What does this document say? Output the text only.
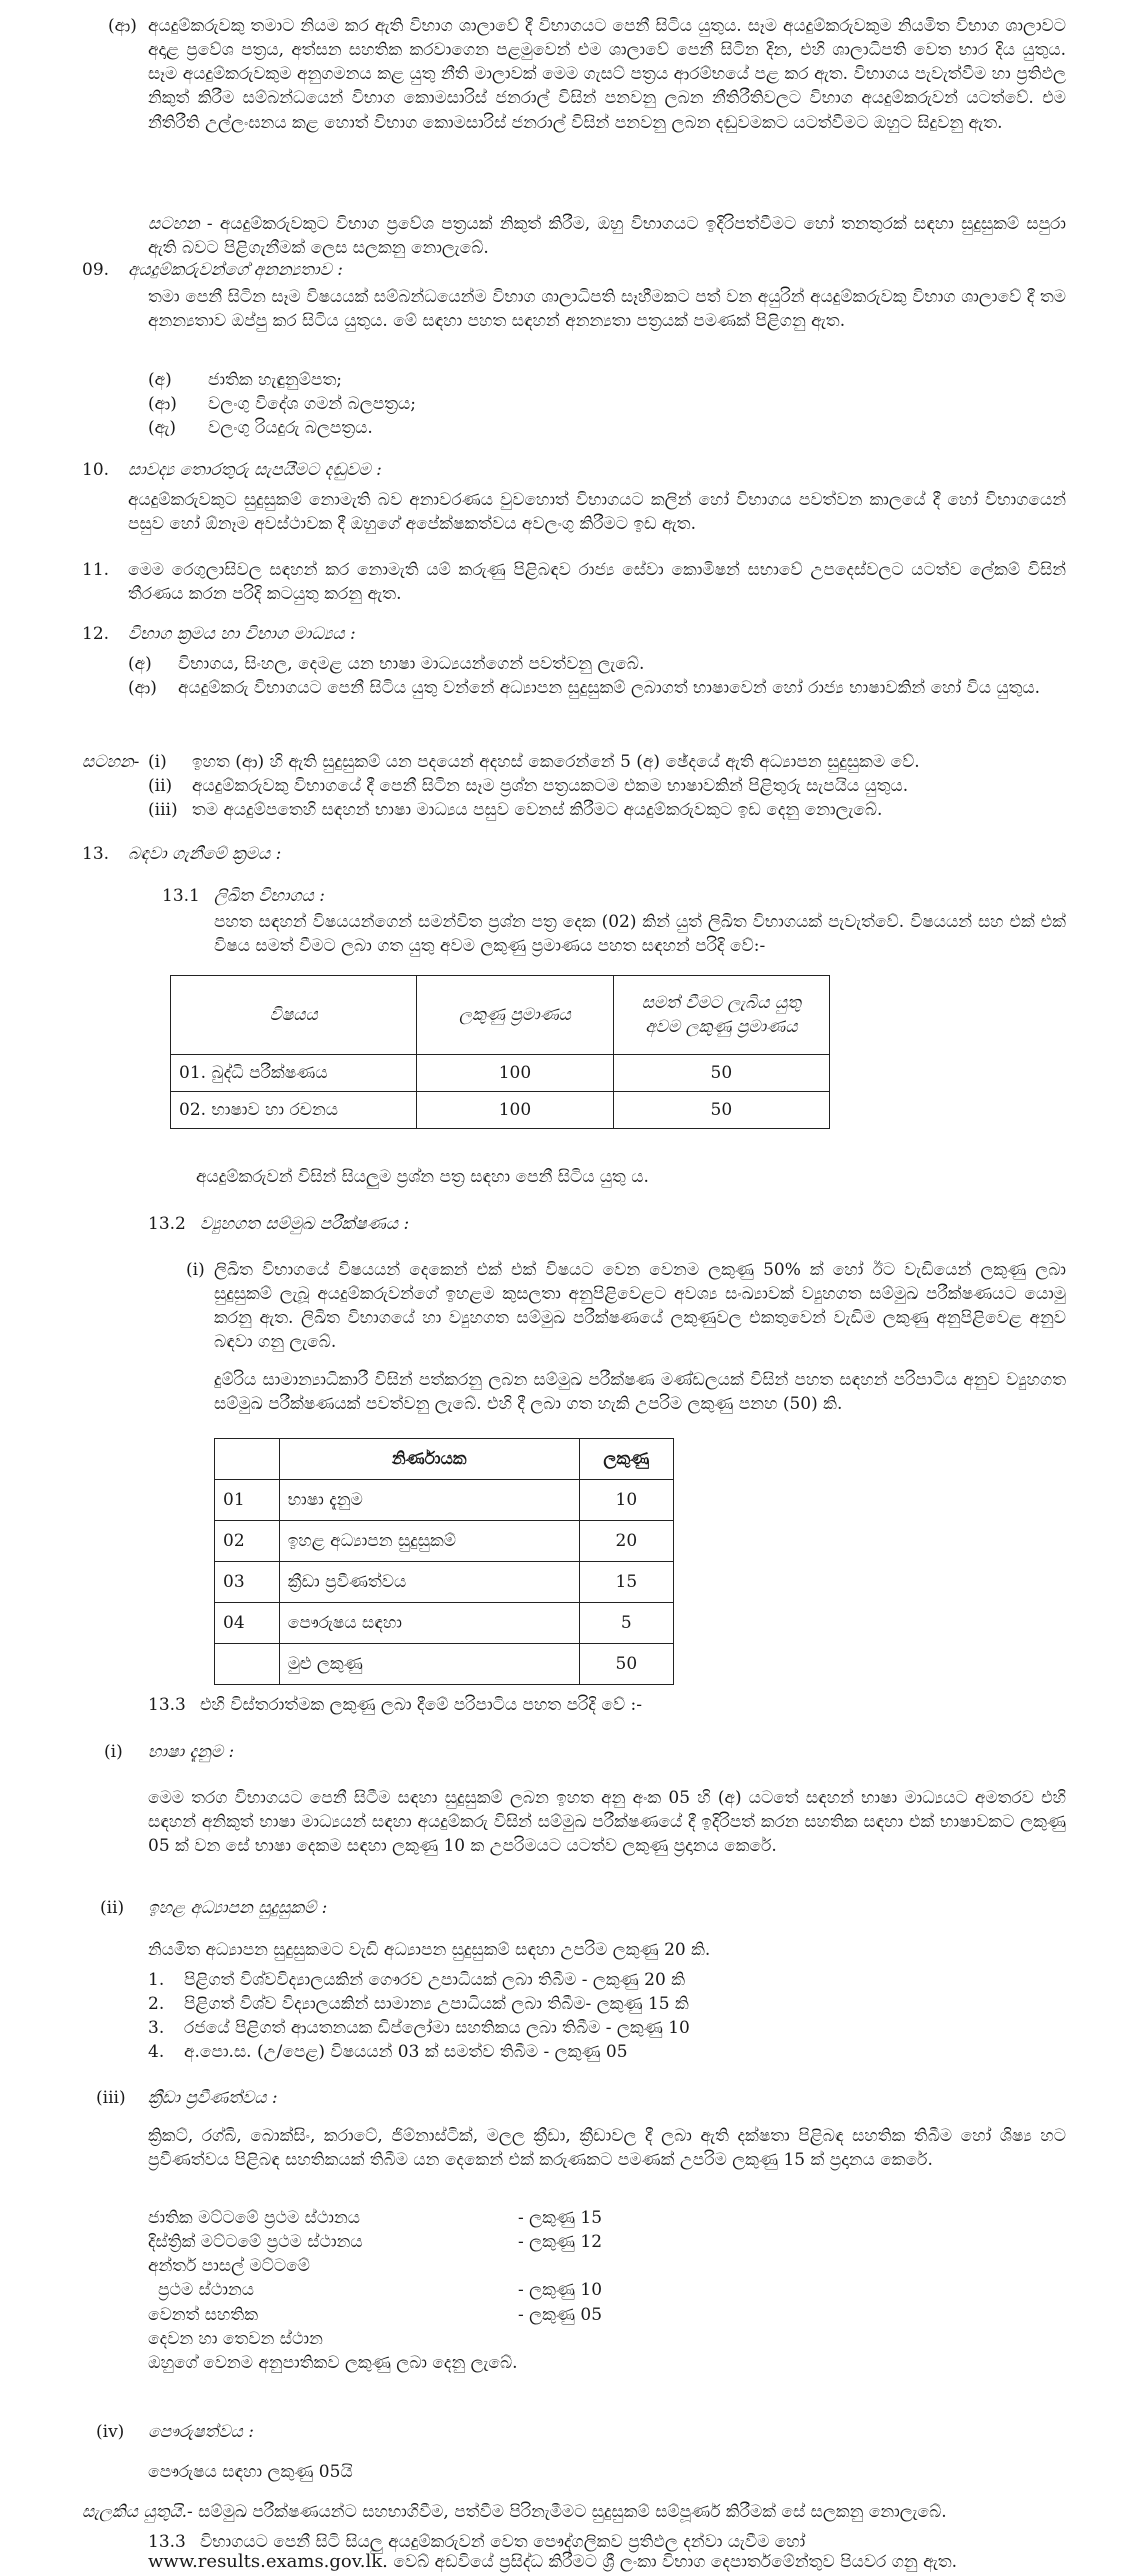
(ආ) අයදුම්කරුවකු තමාට නියම කර ඇති විභාග ශාලාවේ දී විභාගයට පෙනී සිටිය යුතුය. සෑම අයදුම්කරුවකුම නියමිත විභාග ශාලාවට අදාළ ප්‍රවේශ පත්‍රය, අත්සන සහතික කරවාගෙන පළමුවෙන් එම ශාලාවේ පෙනී සිටින දින, එහි ශාලාධිපති වෙත භාර දිය යුතුය. සෑම අයදුම්කරුවකුම අනුගමනය කළ යුතු නීති මාලාවක් මෙම ගැසට් පත්‍රය ආරම්භයේ පළ කර ඇත. විභාගය පැවැත්වීම හා ප්‍රතිඵල නිකුත් කිරීම සම්බන්ධයෙන් විභාග කොමසාරිස් ජනරාල් විසින් පනවනු ලබන නීතිරීතිවලට විභාග අයදුම්කරුවන් යටත්වේ. එම නීතිරීති උල්ලංඝනය කළ හොත් විභාග කොමසාරිස් ජනරාල් විසින් පනවනු ලබන දඬුවමකට යටත්වීමට ඔහුට සිදුවනු ඇත.
සටහන - අයදුම්කරුවකුට විභාග ප්‍රවේශ පත්‍රයක් නිකුත් කිරීම, ඔහු විභාගයට ඉදිරිපත්වීමට හෝ තනතුරක් සඳහා සුදුසුකම් සපුරා ඇති බවට පිළිගැනීමක් ලෙස සලකනු නොලැබේ.
09. අයදුම්කරුවන්ගේ අනන්‍යතාව :
තමා පෙනී සිටින සෑම විෂයයක් සම්බන්ධයෙන්ම විභාග ශාලාධිපති සෑහීමකට පත් වන අයුරින් අයදුම්කරුවකු විභාග ශාලාවේ දී තම අනන්‍යතාව ඔප්පු කර සිටිය යුතුය. මේ සඳහා පහත සඳහන් අනන්‍යතා පත්‍රයක් පමණක් පිළිගනු ඇත.
(අ)	ජාතික හැඳුනුම්පත;
(ආ)	වලංගු විදේශ ගමන් බලපත්‍රය;
(ඇ)	වලංගු රියදුරු බලපත්‍රය.
10. සාවද්‍ය තොරතුරු සැපයීමට දඬුවම :
අයදුම්කරුවකුට සුදුසුකම් නොමැති බව අනාවරණය වුවහොත් විභාගයට කලින් හෝ විභාගය පවත්වන කාලයේ දී හෝ විභාගයෙන් පසුව හෝ ඕනෑම අවස්ථාවක දී ඔහුගේ අපේක්ෂකත්වය අවලංගු කිරීමට ඉඩ ඇත.
11. මෙම රෙගුලාසිවල සඳහන් කර නොමැති යම් කරුණු පිළිබඳව රාජ්‍ය සේවා කොමිෂන් සභාවේ උපදෙස්වලට යටත්ව ලේකම් විසින් තීරණය කරන පරිදි කටයුතු කරනු ඇත.
12. විභාග ක්‍රමය හා විභාග මාධ්‍යය :
(අ)	විභාගය, සිංහල, දෙමළ යන භාෂා මාධ්‍යයන්ගෙන් පවත්වනු ලැබේ.
(ආ)	අයදුම්කරු විභාගයට පෙනී සිටිය යුතු වන්නේ අධ්‍යාපන සුදුසුකම් ලබාගත් භාෂාවෙන් හෝ රාජ්‍ය භාෂාවකින් හෝ විය යුතුය.
සටහන- (i)	ඉහත (ආ) හි ඇති සුදුසුකම් යන පදයෙන් අදහස් කෙරෙන්නේ 5 (අ) ඡේදයේ ඇති අධ්‍යාපන සුදුසුකම වේ.
(ii)	අයදුම්කරුවකු විභාගයේ දී පෙනී සිටින සෑම ප්‍රශ්න පත්‍රයකටම එකම භාෂාවකින් පිළිතුරු සැපයිය යුතුය.
(iii) තම අයදුම්පතෙහි සඳහන් භාෂා මාධ්‍යය පසුව වෙනස් කිරීමට අයදුම්කරුවකුට ඉඩ දෙනු නොලැබේ.
13. බඳවා ගැනීමේ ක්‍රමය :
13.1 ලිඛිත විභාගය :
පහත සඳහන් විෂයයන්ගෙන් සමන්විත ප්‍රශ්න පත්‍ර දෙක (02) කින් යුත් ලිඛිත විභාගයක් පැවැත්වේ. විෂයයන් සහ එක් එක් විෂය සමත් වීමට ලබා ගත යුතු අවම ලකුණු ප්‍රමාණය පහත සඳහන් පරිදි වේ:-
විෂයය	ලකුණු ප්‍රමාණය	සමත් වීමට ලැබිය යුතු අවම ලකුණු ප්‍රමාණය
01. බුද්ධි පරීක්ෂණය	100	50
02. භාෂාව හා රචනය	100	50
අයදුම්කරුවන් විසින් සියලුම ප්‍රශ්න පත්‍ර සඳහා පෙනී සිටිය යුතු ය.
13.2 ව්‍යුහගත සම්මුඛ පරීක්ෂණය :
(i) ලිඛිත විභාගයේ විෂයයන් දෙකෙන් එක් එක් විෂයට වෙන වෙනම ලකුණු 50% ක් හෝ ඊට වැඩියෙන් ලකුණු ලබා සුදුසුකම් ලැබූ අයදුම්කරුවන්ගේ ඉහළම කුසලතා අනුපිළිවෙළට අවශ්‍ය සංඛ්‍යාවක් ව්‍යුහගත සම්මුඛ පරීක්ෂණයට යොමු කරනු ඇත. ලිඛිත විභාගයේ හා ව්‍යුහගත සම්මුඛ පරීක්ෂණයේ ලකුණුවල එකතුවෙන් වැඩිම ලකුණු අනුපිළිවෙළ අනුව බඳවා ගනු ලැබේ.
දුම්රිය සාමාන්‍යාධිකාරී විසින් පත්කරනු ලබන සම්මුඛ පරීක්ෂණ මණ්ඩලයක් විසින් පහත සඳහන් පරිපාටිය අනුව ව්‍යුහගත සම්මුඛ පරීක්ෂණයක් පවත්වනු ලැබේ. එහි දී ලබා ගත හැකි උපරිම ලකුණු පනහ (50) කි.
	නිර්ණායක	ලකුණු
01	භාෂා දැනුම	10
02	ඉහළ අධ්‍යාපන සුදුසුකම්	20
03	ක්‍රීඩා ප්‍රවීණත්වය	15
04	පෞරුෂය සඳහා	5
	මුළු ලකුණු	50
13.3 එහි විස්තරාත්මක ලකුණු ලබා දීමේ පරිපාටිය පහත පරිදි වේ :-
(i) භාෂා දැනුම :
මෙම තරග විභාගයට පෙනී සිටීම සඳහා සුදුසුකම් ලබන ඉහත අනු අංක 05 හි (අ) යටතේ සඳහන් භාෂා මාධ්‍යයට අමතරව එහි සඳහන් අනිකුත් භාෂා මාධ්‍යයන් සඳහා අයදුම්කරු විසින් සම්මුඛ පරීක්ෂණයේ දී ඉදිරිපත් කරන සහතික සඳහා එක් භාෂාවකට ලකුණු 05 ක් වන සේ භාෂා දෙකම සඳහා ලකුණු 10 ක උපරිමයට යටත්ව ලකුණු ප්‍රදානය කෙරේ.
(ii) ඉහළ අධ්‍යාපන සුදුසුකම් :
නියමිත අධ්‍යාපන සුදුසුකමට වැඩි අධ්‍යාපන සුදුසුකම් සඳහා උපරිම ලකුණු 20 කි.
1.	පිළිගත් විශ්වවිද්‍යාලයකින් ගෞරව උපාධියක් ලබා තිබීම - ලකුණු 20 කි
2.	පිළිගත් විශ්ව විද්‍යාලයකින් සාමාන්‍ය උපාධියක් ලබා තිබීම- ලකුණු 15 කි
3.	රජයේ පිළිගත් ආයතනයක ඩිප්ලෝමා සහතිකය ලබා තිබීම - ලකුණු 10
4.	අ.පො.ස. (උ/පෙළ) විෂයයන් 03 ක් සමත්ව තිබීම - ලකුණු 05
(iii) ක්‍රීඩා ප්‍රවීණත්වය :
ක්‍රිකට්, රග්බි, බොක්සිං, කරාටේ, ජිම්නාස්ටික්, මලල ක්‍රීඩා, ක්‍රීඩාවල දී ලබා ඇති දක්ෂතා පිළිබඳ සහතික තිබීම හෝ ශිෂ්‍ය හට ප්‍රවීණත්වය පිළිබඳ සහතිකයක් තිබීම යන දෙකෙන් එක් කරුණකට පමණක් උපරිම ලකුණු 15 ක් ප්‍රදානය කෙරේ.
ජාතික මට්ටමේ ප්‍රථම ස්ථානය	- ලකුණු 15
දිස්ත්‍රික් මට්ටමේ ප්‍රථම ස්ථානය	- ලකුණු 12
අන්තර් පාසල් මට්ටමේ
ප්‍රථම ස්ථානය	- ලකුණු 10
වෙනත් සහතික	- ලකුණු 05
දෙවන හා තෙවන ස්ථාන
ඔහුගේ වෙනම අනුපාතිකව ලකුණු ලබා දෙනු ලැබේ.
(iv) පෞරුෂත්වය :
පෞරුෂය සඳහා ලකුණු 05යි
සැලකිය යුතුයි.- සම්මුඛ පරීක්ෂණයන්ට සහභාගිවීම, පත්වීම පිරිනැමීමට සුදුසුකම් සම්පූර්ණ කිරීමක් සේ සලකනු නොලැබේ.
13.3 විභාගයට පෙනී සිටි සියලු අයදුම්කරුවන් වෙත පෞද්ගලිකව ප්‍රතිඵල දන්වා යැවීම හෝ
www.results.exams.gov.lk. වෙබ් අඩවියේ ප්‍රසිද්ධ කිරීමට ශ්‍රී ලංකා විභාග දෙපාර්තමේන්තුව පියවර ගනු ඇත.
